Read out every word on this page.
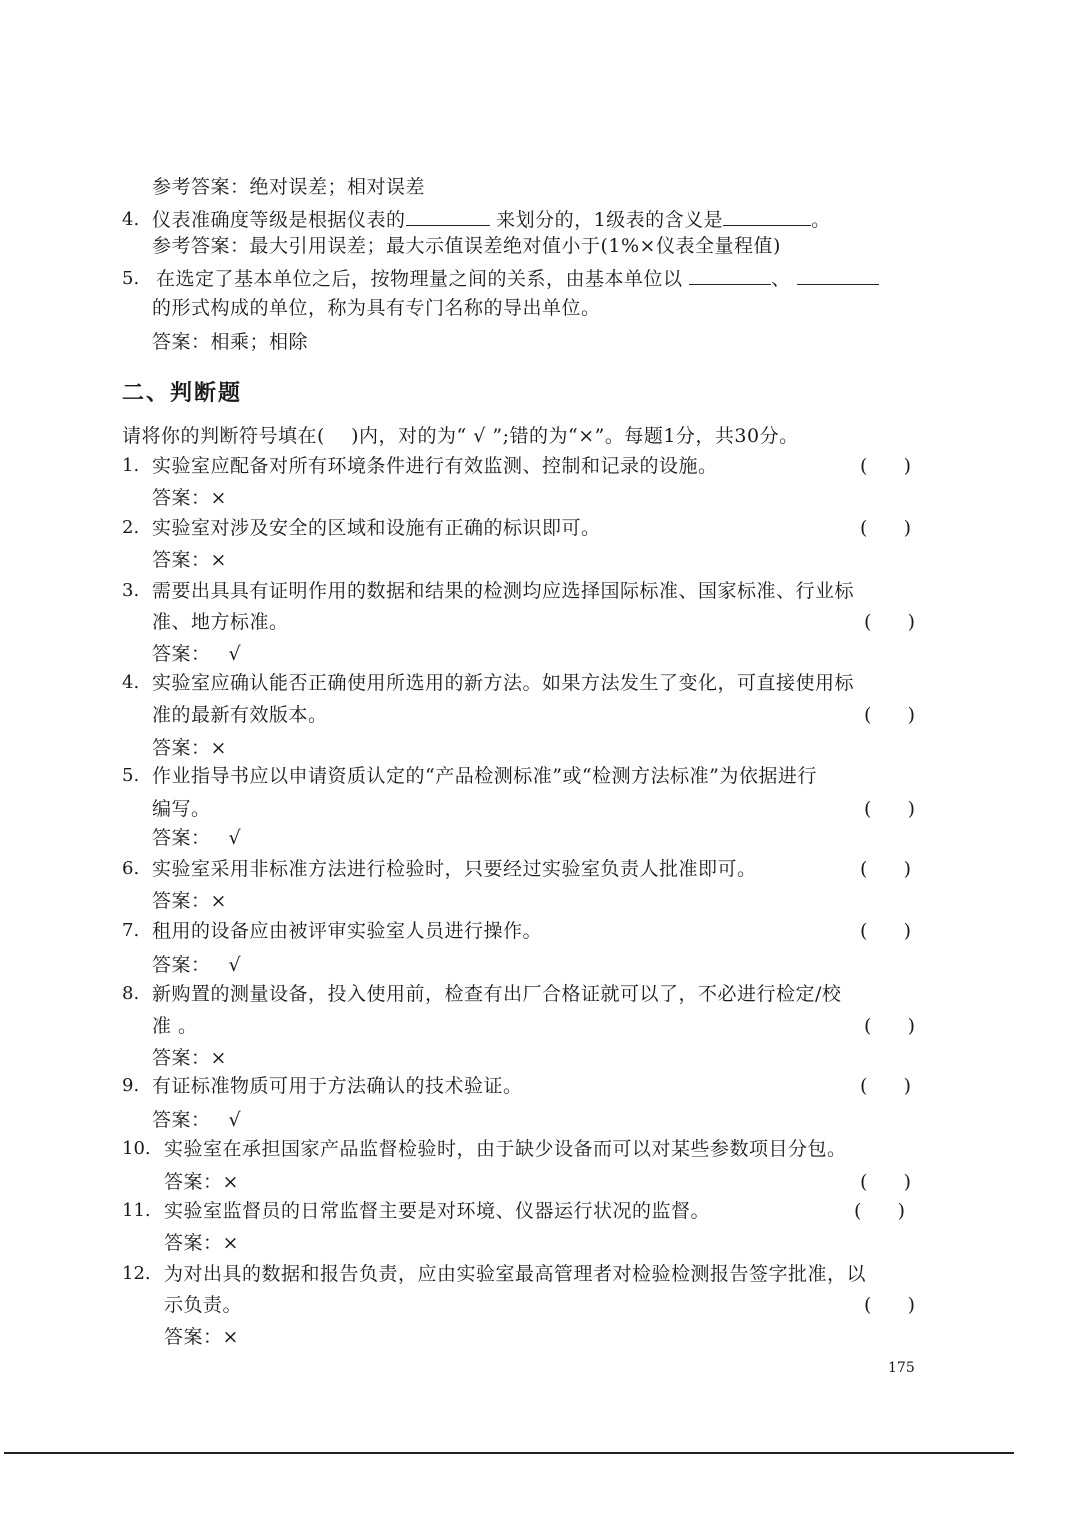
参考答案：绝对误差；相对误差
4. 仪表准确度等级是根据仪表的	来划分的，1级表的含义是	。
参考答案：最大引用误差；最大示值误差绝对值小于(1%×仪表全量程值)
5. 在选定了基本单位之后，按物理量之间的关系，由基本单位以	、
的形式构成的单位，称为具有专门名称的导出单位。
答案：相乘；相除
二、判断题
请将你的判断符号填在(    )内，对的为“ √ ”;错的为“×”。每题1分，共30分。
1. 实验室应配备对所有环境条件进行有效监测、控制和记录的设施。	(      )
答案：×
2. 实验室对涉及安全的区域和设施有正确的标识即可。	(      )
答案：×
3. 需要出具具有证明作用的数据和结果的检测均应选择国际标准、国家标准、行业标
准、地方标准。	(      )
答案： √
4. 实验室应确认能否正确使用所选用的新方法。如果方法发生了变化，可直接使用标
准的最新有效版本。	(      )
答案：×
5. 作业指导书应以申请资质认定的“产品检测标准”或“检测方法标准”为依据进行
编写。	(      )
答案： √
6. 实验室采用非标准方法进行检验时，只要经过实验室负责人批准即可。	(      )
答案：×
7. 租用的设备应由被评审实验室人员进行操作。	(      )
答案： √
8. 新购置的测量设备，投入使用前，检查有出厂合格证就可以了，不必进行检定/校
准 。	(      )
答案：×
9. 有证标准物质可用于方法确认的技术验证。	(      )
答案： √
10. 实验室在承担国家产品监督检验时，由于缺少设备而可以对某些参数项目分包。
(      )
答案：×
11. 实验室监督员的日常监督主要是对环境、仪器运行状况的监督。	(      )
答案：×
12. 为对出具的数据和报告负责，应由实验室最高管理者对检验检测报告签字批准，以
示负责。	(      )
答案：×
175
